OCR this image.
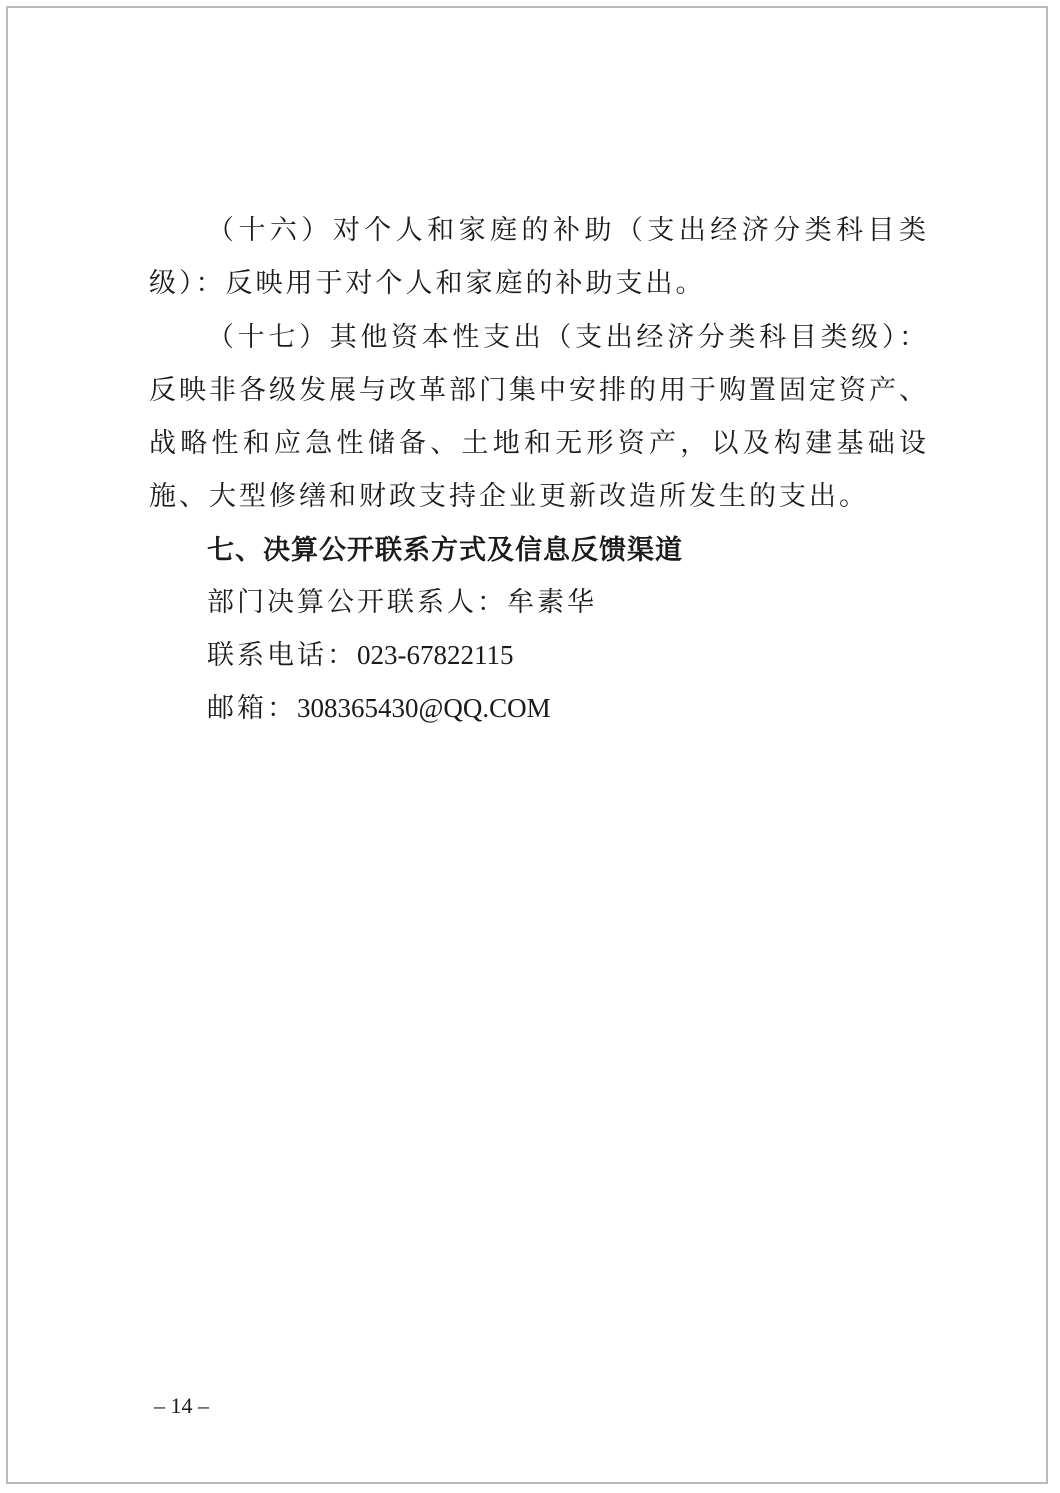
（十六）对个人和家庭的补助（支出经济分类科目类级）：反映用于对个人和家庭的补助支出。
（十七）其他资本性支出（支出经济分类科目类级）：反映非各级发展与改革部门集中安排的用于购置固定资产、战略性和应急性储备、土地和无形资产，以及构建基础设施、大型修缮和财政支持企业更新改造所发生的支出。
七、决算公开联系方式及信息反馈渠道
部门决算公开联系人：牟素华
联系电话：023-67822115
邮箱：308365430@QQ.COM
– 14 –
